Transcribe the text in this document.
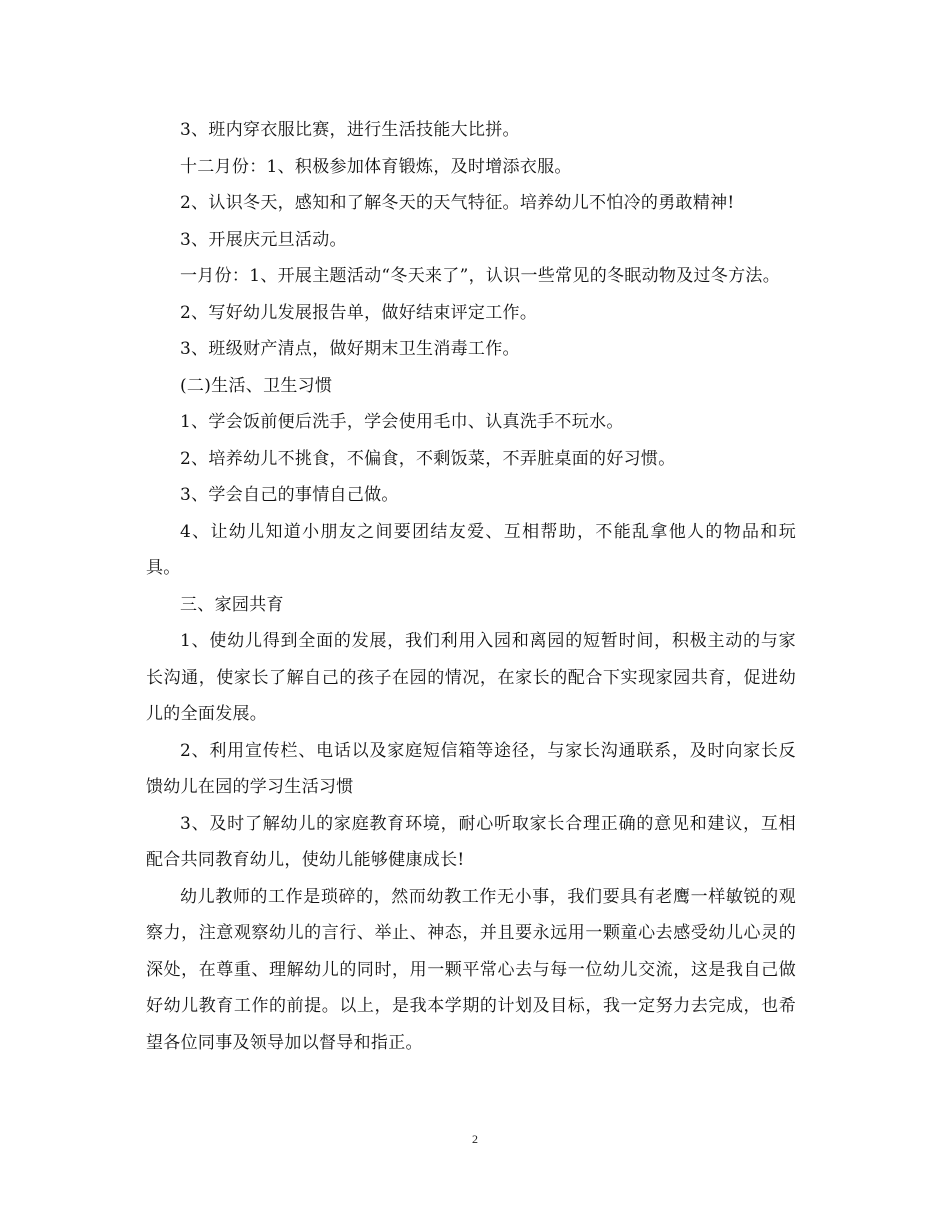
3、班内穿衣服比赛，进行生活技能大比拼。

十二月份：1、积极参加体育锻炼，及时增添衣服。

2、认识冬天，感知和了解冬天的天气特征。培养幼儿不怕冷的勇敢精神!

3、开展庆元旦活动。

一月份：1、开展主题活动“冬天来了”，认识一些常见的冬眠动物及过冬方法。

2、写好幼儿发展报告单，做好结束评定工作。

3、班级财产清点，做好期末卫生消毒工作。

(二)生活、卫生习惯

1、学会饭前便后洗手，学会使用毛巾、认真洗手不玩水。

2、培养幼儿不挑食，不偏食，不剩饭菜，不弄脏桌面的好习惯。

3、学会自己的事情自己做。

4、让幼儿知道小朋友之间要团结友爱、互相帮助，不能乱拿他人的物品和玩具。

三、家园共育

1、使幼儿得到全面的发展，我们利用入园和离园的短暂时间，积极主动的与家长沟通，使家长了解自己的孩子在园的情况，在家长的配合下实现家园共育，促进幼儿的全面发展。

2、利用宣传栏、电话以及家庭短信箱等途径，与家长沟通联系，及时向家长反馈幼儿在园的学习生活习惯

3、及时了解幼儿的家庭教育环境，耐心听取家长合理正确的意见和建议，互相配合共同教育幼儿，使幼儿能够健康成长!

幼儿教师的工作是琐碎的，然而幼教工作无小事，我们要具有老鹰一样敏锐的观察力，注意观察幼儿的言行、举止、神态，并且要永远用一颗童心去感受幼儿心灵的深处，在尊重、理解幼儿的同时，用一颗平常心去与每一位幼儿交流，这是我自己做好幼儿教育工作的前提。以上，是我本学期的计划及目标，我一定努力去完成，也希望各位同事及领导加以督导和指正。

2
